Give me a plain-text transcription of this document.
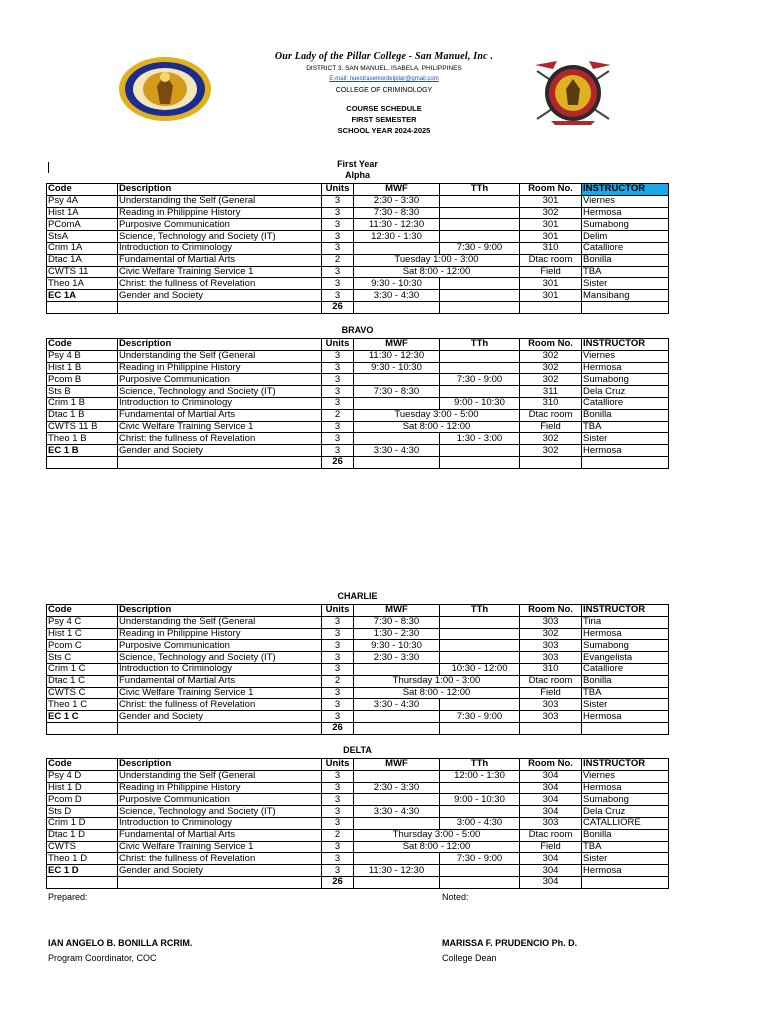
Our Lady of the Pillar College - San Manuel, Inc .
DISTRICT 3, SAN MANUEL, ISABELA, PHILIPPINES
E-mail: nuestraseniordelpilar@gmail.com
COLLEGE OF CRIMINOLOGY
COURSE SCHEDULE
FIRST SEMESTER
SCHOOL YEAR 2024-2025
First Year
Alpha
Code	Description	Units	MWF	TTh	Room No.	INSTRUCTOR
Psy 4A	Understanding the Self (General	3	2:30 - 3:30		301	Viernes
Hist 1A	Reading in Philippine History	3	7:30 - 8:30		302	Hermosa
PComA	Purposive Communication	3	11:30 - 12:30		301	Sumabong
StsA	Science, Technology and Society (IT)	3	12:30 - 1:30		301	Delim
Crim 1A	Introduction to Criminology	3		7:30 - 9:00	310	Catalliore
Dtac 1A	Fundamental of Martial Arts	2	Tuesday 1:00 - 3:00		Dtac room	Bonilla
CWTS 11	Civic Welfare Training Service 1	3	Sat 8:00 - 12:00		Field	TBA
Theo 1A	Christ: the fullness of Revelation	3	9:30 - 10:30		301	Sister
EC 1A	Gender and Society	3	3:30 - 4:30		301	Mansibang
		26				
BRAVO
Code	Description	Units	MWF	TTh	Room No.	INSTRUCTOR
Psy 4 B	Understanding the Self (General	3	11:30 - 12:30		302	Viernes
Hist 1 B	Reading in Philippine History	3	9:30 - 10:30		302	Hermosa
Pcom B	Purposive Communication	3		7:30 - 9:00	302	Sumabong
Sts B	Science, Technology and Society (IT)	3	7:30 - 8:30		311	Dela Cruz
Crim 1 B	Introduction to Criminology	3		9:00 - 10:30	310	Catalliore
Dtac 1 B	Fundamental of Martial Arts	2	Tuesday 3:00 - 5:00		Dtac room	Bonilla
CWTS 11 B	Civic Welfare Training Service 1	3	Sat 8:00 - 12:00		Field	TBA
Theo 1 B	Christ: the fullness of Revelation	3		1:30 - 3:00	302	Sister
EC 1 B	Gender and Society	3	3:30 - 4:30		302	Hermosa
		26				
CHARLIE
Code	Description	Units	MWF	TTh	Room No.	INSTRUCTOR
Psy 4 C	Understanding the Self (General	3	7:30 - 8:30		303	Tiria
Hist 1 C	Reading in Philippine History	3	1:30 - 2:30		302	Hermosa
Pcom C	Purposive Communication	3	9:30 - 10:30		303	Sumabong
Sts C	Science, Technology and Society (IT)	3	2:30 - 3:30		303	Evangelista
Crim 1 C	Introduction to Criminology	3		10:30 - 12:00	310	Catalliore
Dtac 1 C	Fundamental of Martial Arts	2	Thursday 1:00 - 3:00		Dtac room	Bonilla
CWTS C	Civic Welfare Training Service 1	3	Sat 8:00 - 12:00		Field	TBA
Theo 1 C	Christ: the fullness of Revelation	3	3:30 - 4:30		303	Sister
EC 1 C	Gender and Society	3		7:30 - 9:00	303	Hermosa
		26				
DELTA
Code	Description	Units	MWF	TTh	Room No.	INSTRUCTOR
Psy 4 D	Understanding the Self (General	3		12:00 - 1:30	304	Viernes
Hist 1 D	Reading in Philippine History	3	2:30 - 3:30		304	Hermosa
Pcom D	Purposive Communication	3		9:00 - 10:30	304	Sumabong
Sts D	Science, Technology and Society (IT)	3	3:30 - 4:30		304	Dela Cruz
Crim 1 D	Introduction to Criminology	3		3:00 - 4:30	303	CATALLIORE
Dtac 1 D	Fundamental of Martial Arts	2	Thursday 3:00 - 5:00		Dtac room	Bonilla
CWTS	Civic Welfare Training Service 1	3	Sat 8:00 - 12:00		Field	TBA
Theo 1 D	Christ: the fullness of Revelation	3		7:30 - 9:00	304	Sister
EC 1 D	Gender and Society	3	11:30 - 12:30		304	Hermosa
		26			304	
Prepared:	Noted:
IAN ANGELO B. BONILLA RCRIM.
Program Coordinator, COC
MARISSA F. PRUDENCIO Ph. D.
College Dean
